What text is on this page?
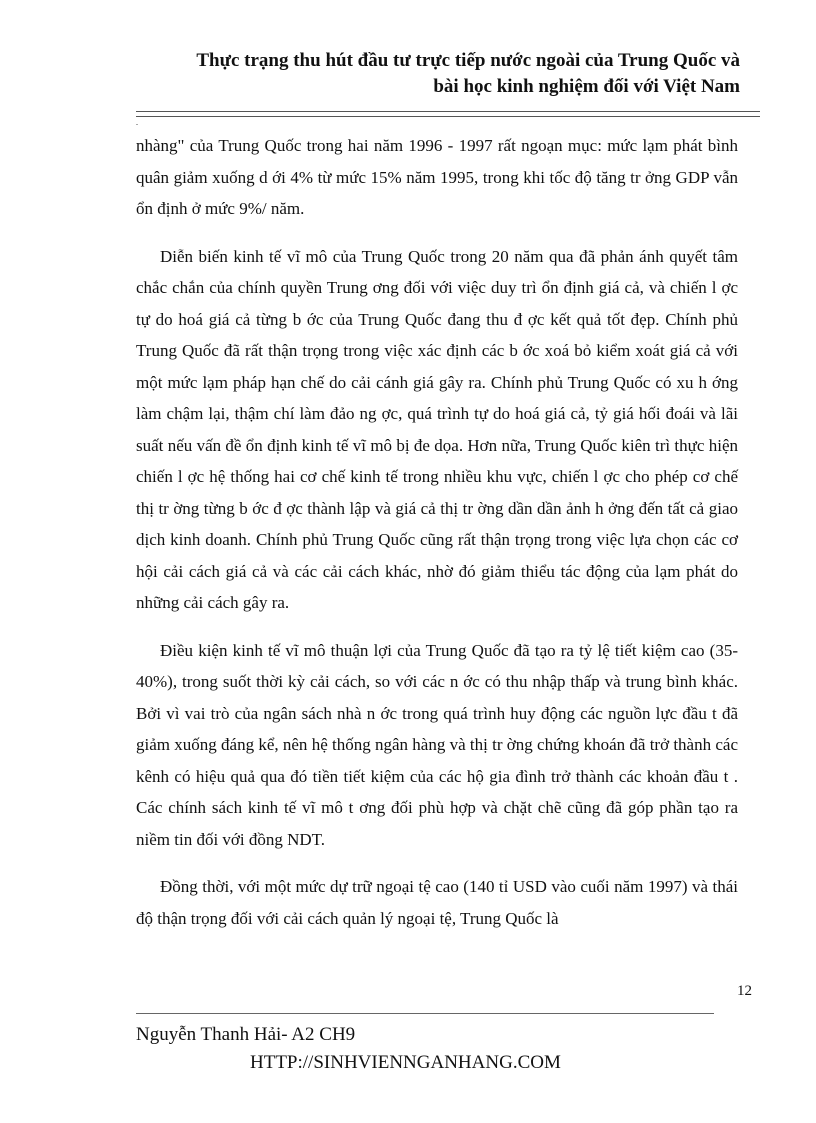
Thực trạng thu hút đầu tư trực tiếp nước ngoài của Trung Quốc và
bài học kinh nghiệm đối với Việt Nam
.

nhàng" của Trung Quốc trong hai năm 1996 - 1997 rất ngoạn mục: mức lạm phát bình quân giảm xuống d ới 4% từ mức 15% năm 1995, trong khi tốc độ tăng tr ởng GDP vẫn ổn định ở mức 9%/ năm.

Diễn biến kinh tế vĩ mô của Trung Quốc trong 20 năm qua đã phản ánh quyết tâm chắc chắn của chính quyền Trung ơng đối với việc duy trì ổn định giá cả, và chiến l ợc tự do hoá giá cả từng b ớc của Trung Quốc đang thu đ ợc kết quả tốt đẹp. Chính phủ Trung Quốc đã rất thận trọng trong việc xác định các b ớc xoá bỏ kiểm xoát giá cả với một mức lạm pháp hạn chế do cải cánh giá gây ra. Chính phủ Trung Quốc có xu h ớng làm chậm lại, thậm chí làm đảo ng ợc, quá trình tự do hoá giá cả, tỷ giá hối đoái và lãi suất nếu vấn đề ổn định kinh tế vĩ mô bị đe dọa. Hơn nữa, Trung Quốc kiên trì thực hiện chiến l ợc hệ thống hai cơ chế kinh tế trong nhiều khu vực, chiến l ợc cho phép cơ chế thị tr ờng từng b ớc đ ợc thành lập và giá cả thị tr ờng dần dần ảnh h ởng đến tất cả giao dịch kinh doanh. Chính phủ Trung Quốc cũng rất thận trọng trong việc lựa chọn các cơ hội cải cách giá cả và các cải cách khác, nhờ đó giảm thiểu tác động của lạm phát do những cải cách gây ra.

Điều kiện kinh tế vĩ mô thuận lợi của Trung Quốc đã tạo ra tỷ lệ tiết kiệm cao (35- 40%), trong suốt thời kỳ cải cách, so với các n ớc có thu nhập thấp và trung bình khác. Bởi vì vai trò của ngân sách nhà n ớc trong quá trình huy động các nguồn lực đầu t đã giảm xuống đáng kể, nên hệ thống ngân hàng và thị tr ờng chứng khoán đã trở thành các kênh có hiệu quả qua đó tiền tiết kiệm của các hộ gia đình trở thành các khoản đầu t . Các chính sách kinh tế vĩ mô t ơng đối phù hợp và chặt chẽ cũng đã góp phần tạo ra niềm tin đối với đồng NDT.

Đồng thời, với một mức dự trữ ngoại tệ cao (140 tỉ USD vào cuối năm 1997) và thái độ thận trọng đối với cải cách quản lý ngoại tệ, Trung Quốc là

12
Nguyễn Thanh Hải- A2 CH9
HTTP://SINHVIENNGANHANG.COM
